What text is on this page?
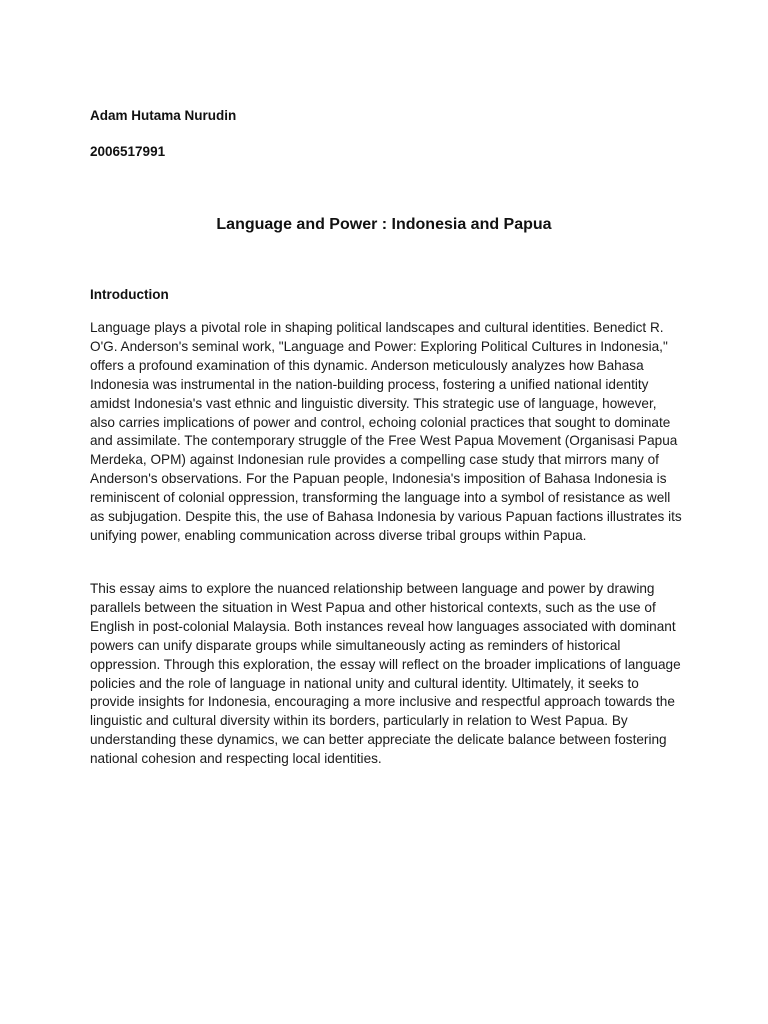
Adam Hutama Nurudin

2006517991

Language and Power : Indonesia and Papua
Introduction

Language plays a pivotal role in shaping political landscapes and cultural identities. Benedict R. O'G. Anderson's seminal work, "Language and Power: Exploring Political Cultures in Indonesia," offers a profound examination of this dynamic. Anderson meticulously analyzes how Bahasa Indonesia was instrumental in the nation-building process, fostering a unified national identity amidst Indonesia's vast ethnic and linguistic diversity. This strategic use of language, however, also carries implications of power and control, echoing colonial practices that sought to dominate and assimilate. The contemporary struggle of the Free West Papua Movement (Organisasi Papua Merdeka, OPM) against Indonesian rule provides a compelling case study that mirrors many of Anderson's observations. For the Papuan people, Indonesia's imposition of Bahasa Indonesia is reminiscent of colonial oppression, transforming the language into a symbol of resistance as well as subjugation. Despite this, the use of Bahasa Indonesia by various Papuan factions illustrates its unifying power, enabling communication across diverse tribal groups within Papua.

This essay aims to explore the nuanced relationship between language and power by drawing parallels between the situation in West Papua and other historical contexts, such as the use of English in post-colonial Malaysia. Both instances reveal how languages associated with dominant powers can unify disparate groups while simultaneously acting as reminders of historical oppression. Through this exploration, the essay will reflect on the broader implications of language policies and the role of language in national unity and cultural identity. Ultimately, it seeks to provide insights for Indonesia, encouraging a more inclusive and respectful approach towards the linguistic and cultural diversity within its borders, particularly in relation to West Papua. By understanding these dynamics, we can better appreciate the delicate balance between fostering national cohesion and respecting local identities.
